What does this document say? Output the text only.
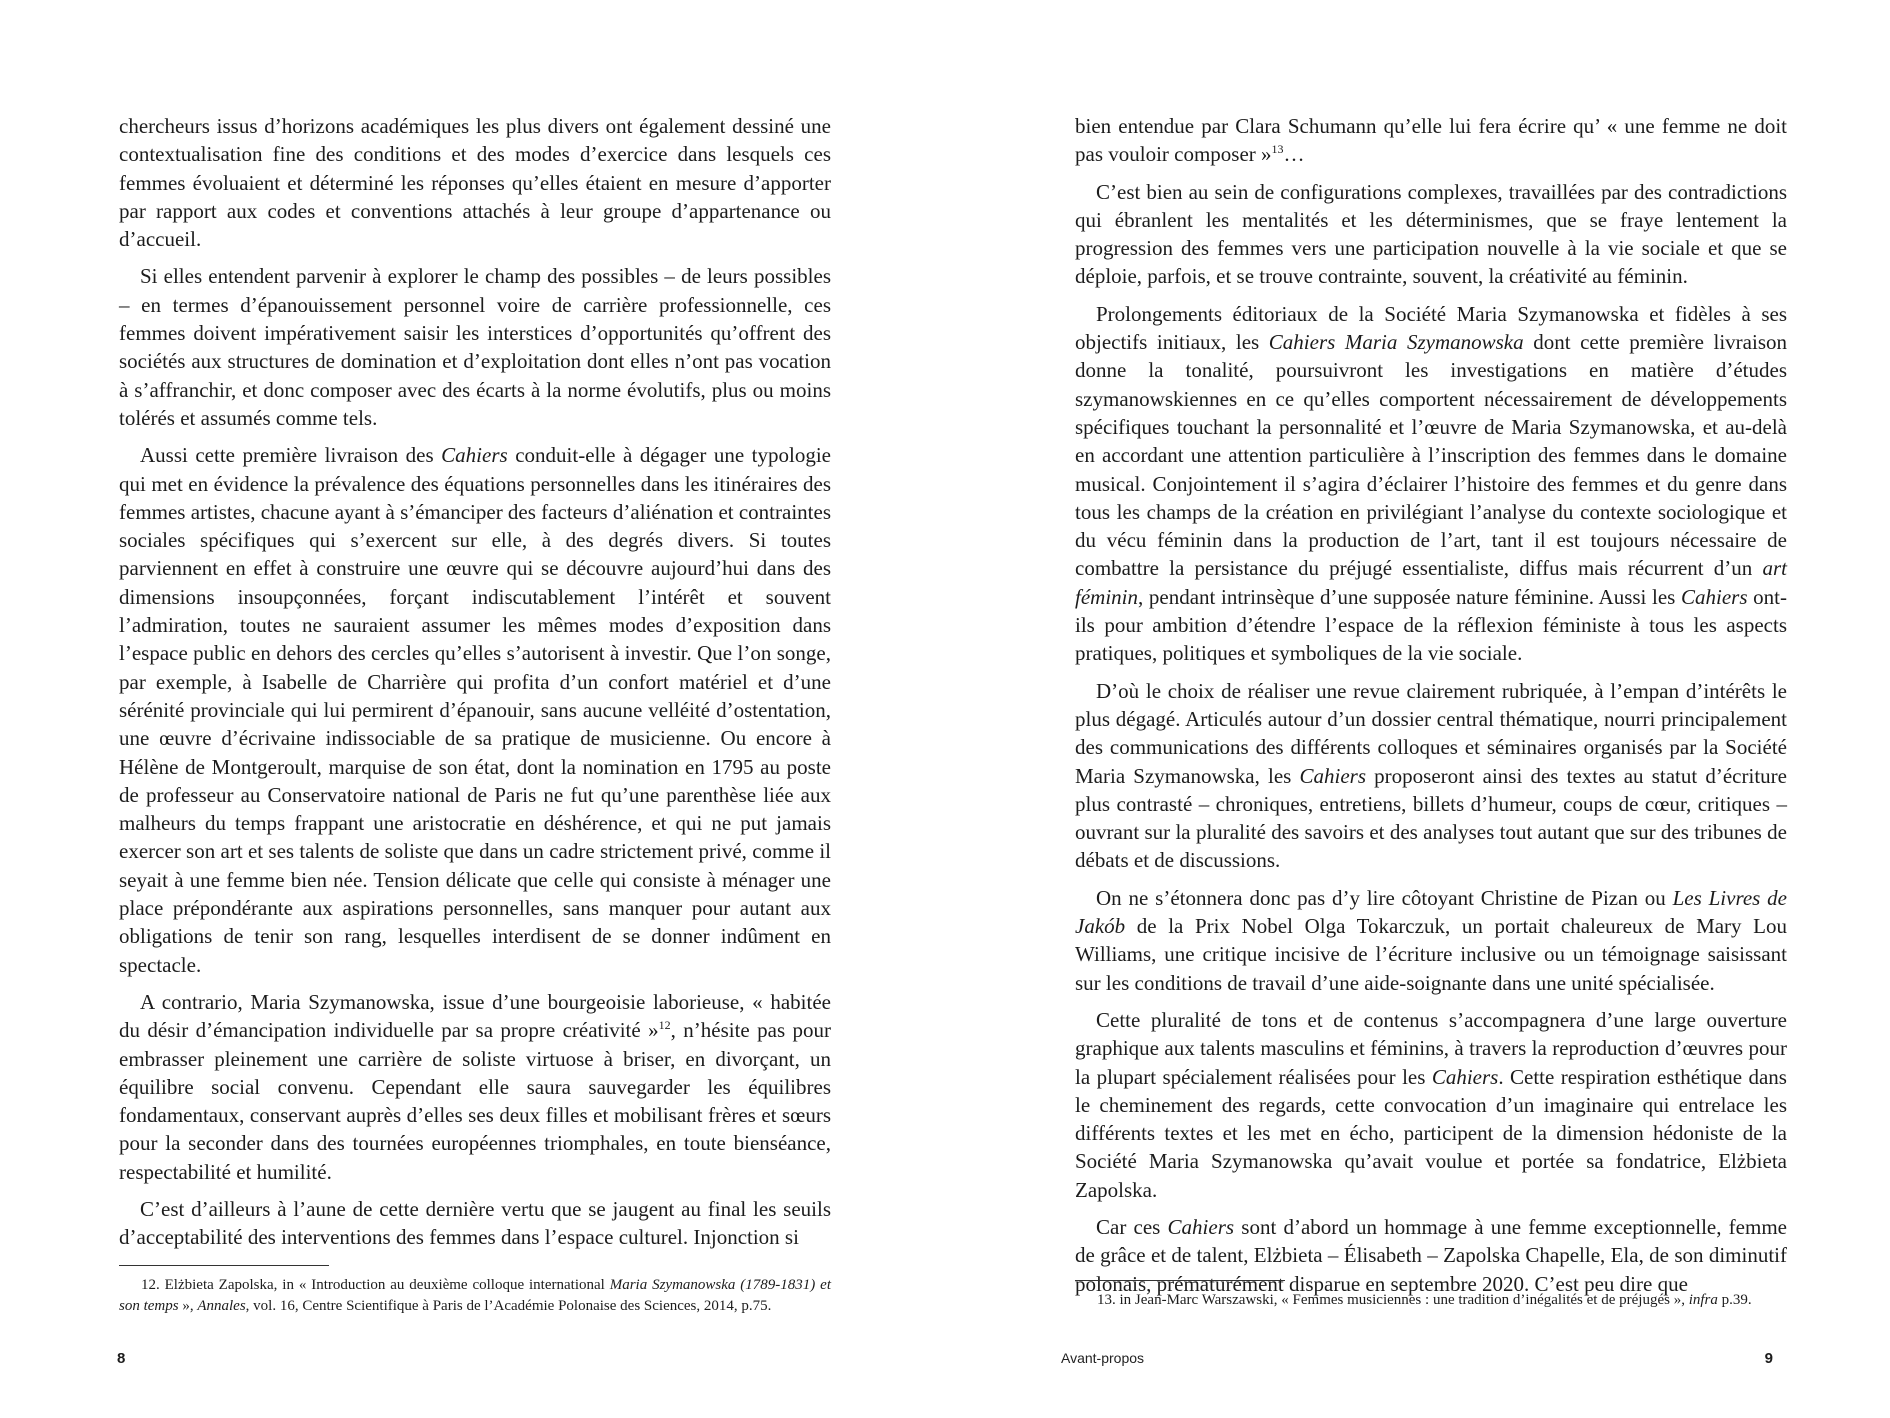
chercheurs issus d’horizons académiques les plus divers ont également dessiné une contextualisation fine des conditions et des modes d’exercice dans lesquels ces femmes évoluaient et déterminé les réponses qu’elles étaient en mesure d’apporter par rapport aux codes et conventions attachés à leur groupe d’appartenance ou d’accueil.

Si elles entendent parvenir à explorer le champ des possibles – de leurs possibles – en termes d’épanouissement personnel voire de carrière professionnelle, ces femmes doivent impérativement saisir les interstices d’opportunités qu’offrent des sociétés aux structures de domination et d’exploitation dont elles n’ont pas vocation à s’affranchir, et donc composer avec des écarts à la norme évolutifs, plus ou moins tolérés et assumés comme tels.

Aussi cette première livraison des Cahiers conduit-elle à dégager une typologie qui met en évidence la prévalence des équations personnelles dans les itinéraires des femmes artistes, chacune ayant à s’émanciper des facteurs d’aliénation et contraintes sociales spécifiques qui s’exercent sur elle, à des degrés divers. Si toutes parviennent en effet à construire une œuvre qui se découvre aujourd’hui dans des dimensions insoupçonnées, forçant indiscutablement l’intérêt et souvent l’admiration, toutes ne sauraient assumer les mêmes modes d’exposition dans l’espace public en dehors des cercles qu’elles s’autorisent à investir. Que l’on songe, par exemple, à Isabelle de Charrière qui profita d’un confort matériel et d’une sérénité provinciale qui lui permirent d’épanouir, sans aucune velléité d’ostentation, une œuvre d’écrivaine indissociable de sa pratique de musicienne. Ou encore à Hélène de Montgeroult, marquise de son état, dont la nomination en 1795 au poste de professeur au Conservatoire national de Paris ne fut qu’une parenthèse liée aux malheurs du temps frappant une aristocratie en déshérence, et qui ne put jamais exercer son art et ses talents de soliste que dans un cadre strictement privé, comme il seyait à une femme bien née. Tension délicate que celle qui consiste à ménager une place prépondérante aux aspirations personnelles, sans manquer pour autant aux obligations de tenir son rang, lesquelles interdisent de se donner indûment en spectacle.

A contrario, Maria Szymanowska, issue d’une bourgeoisie laborieuse, « habitée du désir d’émancipation individuelle par sa propre créativité »$^{12}$, n’hésite pas pour embrasser pleinement une carrière de soliste virtuose à briser, en divorçant, un équilibre social convenu. Cependant elle saura sauvegarder les équilibres fondamentaux, conservant auprès d’elles ses deux filles et mobilisant frères et sœurs pour la seconder dans des tournées européennes triomphales, en toute bienséance, respectabilité et humilité.

C’est d’ailleurs à l’aune de cette dernière vertu que se jaugent au final les seuils d’acceptabilité des interventions des femmes dans l’espace culturel. Injonction si

12. Elżbieta Zapolska, in « Introduction au deuxième colloque international Maria Szymanowska (1789-1831) et son temps », Annales, vol. 16, Centre Scientifique à Paris de l’Académie Polonaise des Sciences, 2014, p.75.

8

bien entendue par Clara Schumann qu’elle lui fera écrire qu’ « une femme ne doit pas vouloir composer »$^{13}$…

C’est bien au sein de configurations complexes, travaillées par des contradictions qui ébranlent les mentalités et les déterminismes, que se fraye lentement la progression des femmes vers une participation nouvelle à la vie sociale et que se déploie, parfois, et se trouve contrainte, souvent, la créativité au féminin.

Prolongements éditoriaux de la Société Maria Szymanowska et fidèles à ses objectifs initiaux, les Cahiers Maria Szymanowska dont cette première livraison donne la tonalité, poursuivront les investigations en matière d’études szymanowskiennes en ce qu’elles comportent nécessairement de développements spécifiques touchant la personnalité et l’œuvre de Maria Szymanowska, et au-delà en accordant une attention particulière à l’inscription des femmes dans le domaine musical. Conjointement il s’agira d’éclairer l’histoire des femmes et du genre dans tous les champs de la création en privilégiant l’analyse du contexte sociologique et du vécu féminin dans la production de l’art, tant il est toujours nécessaire de combattre la persistance du préjugé essentialiste, diffus mais récurrent d’un art féminin, pendant intrinsèque d’une supposée nature féminine. Aussi les Cahiers ont-ils pour ambition d’étendre l’espace de la réflexion féministe à tous les aspects pratiques, politiques et symboliques de la vie sociale.

D’où le choix de réaliser une revue clairement rubriquée, à l’empan d’intérêts le plus dégagé. Articulés autour d’un dossier central thématique, nourri principalement des communications des différents colloques et séminaires organisés par la Société Maria Szymanowska, les Cahiers proposeront ainsi des textes au statut d’écriture plus contrasté – chroniques, entretiens, billets d’humeur, coups de cœur, critiques – ouvrant sur la pluralité des savoirs et des analyses tout autant que sur des tribunes de débats et de discussions.

On ne s’étonnera donc pas d’y lire côtoyant Christine de Pizan ou Les Livres de Jakób de la Prix Nobel Olga Tokarczuk, un portait chaleureux de Mary Lou Williams, une critique incisive de l’écriture inclusive ou un témoignage saisissant sur les conditions de travail d’une aide-soignante dans une unité spécialisée.

Cette pluralité de tons et de contenus s’accompagnera d’une large ouverture graphique aux talents masculins et féminins, à travers la reproduction d’œuvres pour la plupart spécialement réalisées pour les Cahiers. Cette respiration esthétique dans le cheminement des regards, cette convocation d’un imaginaire qui entrelace les différents textes et les met en écho, participent de la dimension hédoniste de la Société Maria Szymanowska qu’avait voulue et portée sa fondatrice, Elżbieta Zapolska.

Car ces Cahiers sont d’abord un hommage à une femme exceptionnelle, femme de grâce et de talent, Elżbieta – Élisabeth – Zapolska Chapelle, Ela, de son diminutif polonais, prématurément disparue en septembre 2020. C’est peu dire que

13. in Jean-Marc Warszawski, « Femmes musiciennes : une tradition d’inégalités et de préjugés », infra p.39.

Avant-propos	9
